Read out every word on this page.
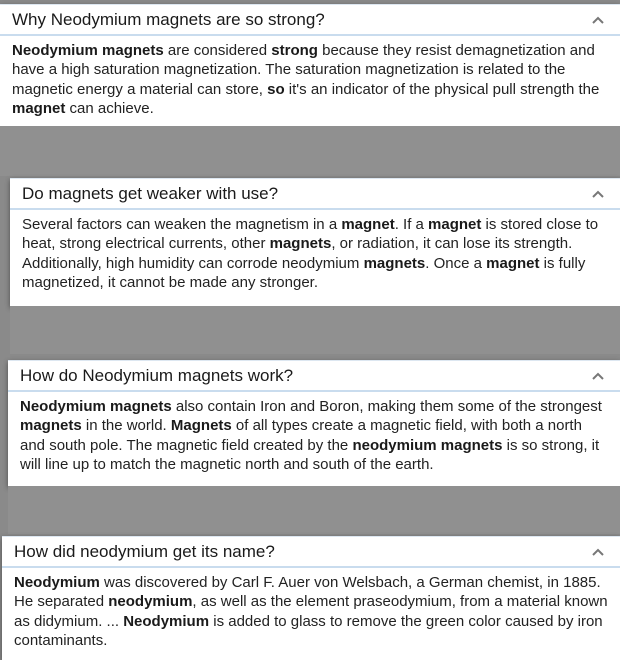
Why Neodymium magnets are so strong?
Neodymium magnets are considered strong because they resist demagnetization and have a high saturation magnetization. The saturation magnetization is related to the magnetic energy a material can store, so it's an indicator of the physical pull strength the magnet can achieve.
Do magnets get weaker with use?
Several factors can weaken the magnetism in a magnet. If a magnet is stored close to heat, strong electrical currents, other magnets, or radiation, it can lose its strength. Additionally, high humidity can corrode neodymium magnets. Once a magnet is fully magnetized, it cannot be made any stronger.
How do Neodymium magnets work?
Neodymium magnets also contain Iron and Boron, making them some of the strongest magnets in the world. Magnets of all types create a magnetic field, with both a north and south pole. The magnetic field created by the neodymium magnets is so strong, it will line up to match the magnetic north and south of the earth.
How did neodymium get its name?
Neodymium was discovered by Carl F. Auer von Welsbach, a German chemist, in 1885. He separated neodymium, as well as the element praseodymium, from a material known as didymium. ... Neodymium is added to glass to remove the green color caused by iron contaminants.
